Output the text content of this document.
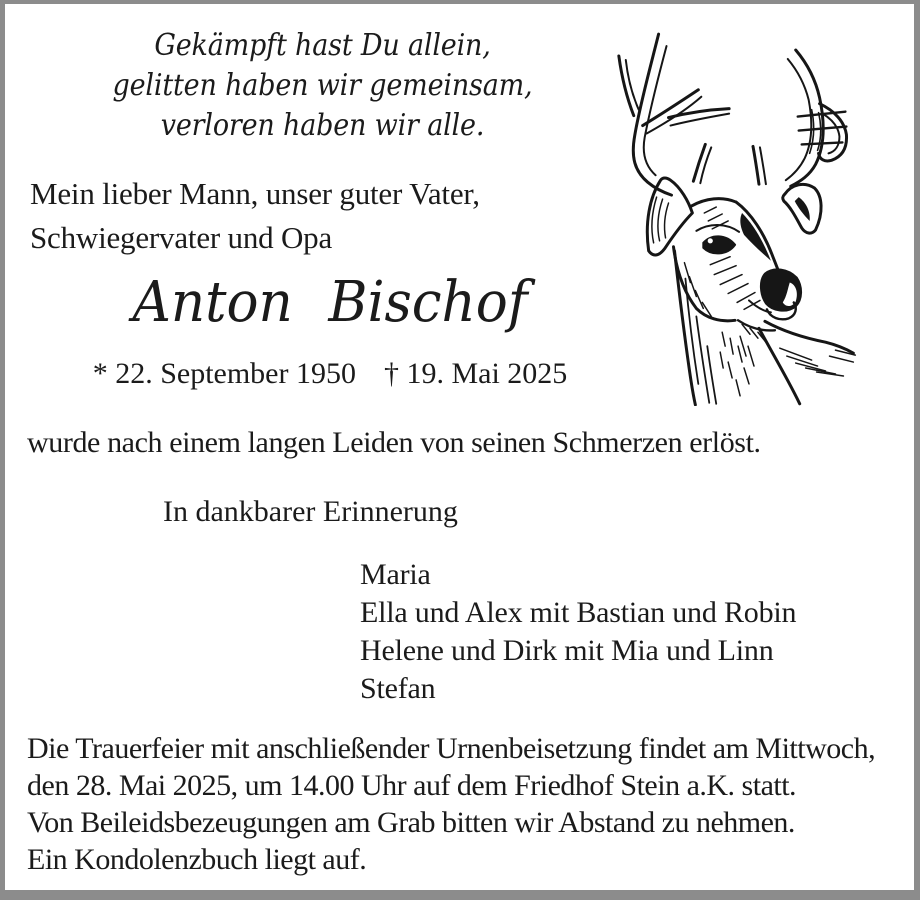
Gekämpft hast Du allein,
gelitten haben wir gemeinsam,
verloren haben wir alle.
Mein lieber Mann, unser guter Vater,
Schwiegervater und Opa
Anton Bischof
* 22. September 1950 † 19. Mai 2025
wurde nach einem langen Leiden von seinen Schmerzen erlöst.
In dankbarer Erinnerung
Maria
Ella und Alex mit Bastian und Robin
Helene und Dirk mit Mia und Linn
Stefan
Die Trauerfeier mit anschließender Urnenbeisetzung findet am Mittwoch,
den 28. Mai 2025, um 14.00 Uhr auf dem Friedhof Stein a.K. statt.
Von Beileidsbezeugungen am Grab bitten wir Abstand zu nehmen.
Ein Kondolenzbuch liegt auf.
